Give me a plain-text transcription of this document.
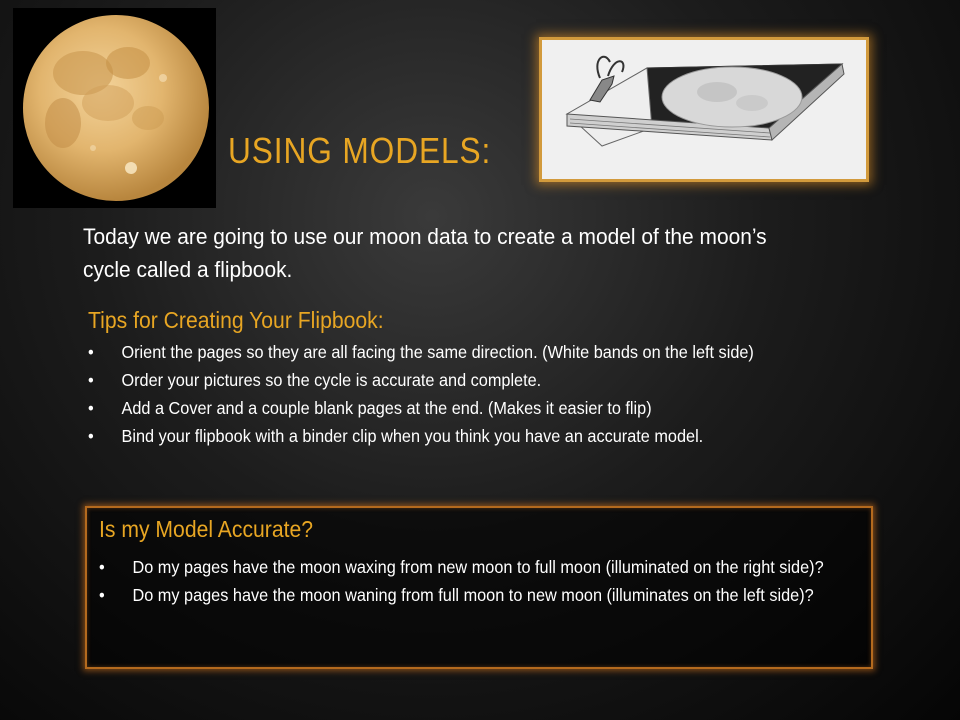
USING MODELS:
Today we are going to use our moon data to create a model of the moon’s cycle called a flipbook.
Tips for Creating Your Flipbook:
• Orient the pages so they are all facing the same direction. (White bands on the left side)
• Order your pictures so the cycle is accurate and complete.
• Add a Cover and a couple blank pages at the end. (Makes it easier to flip)
• Bind your flipbook with a binder clip when you think you have an accurate model.
Is my Model Accurate?
• Do my pages have the moon waxing from new moon to full moon (illuminated on the right side)?
• Do my pages have the moon waning from full moon to new moon (illuminates on the left side)?
